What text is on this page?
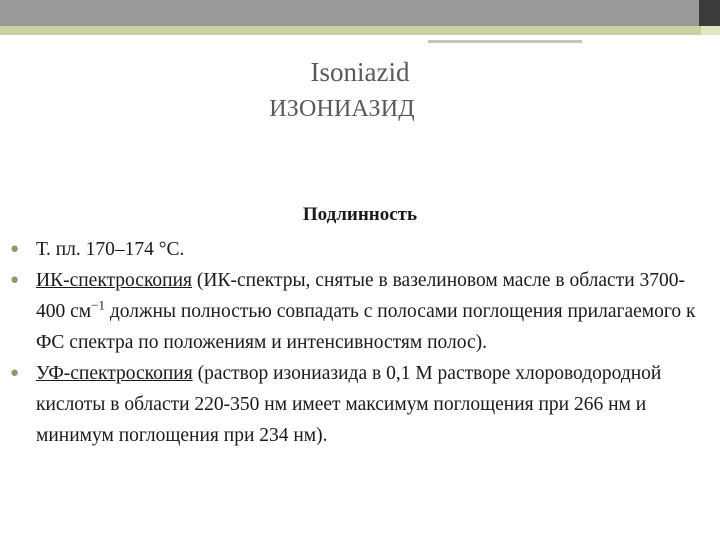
Isoniazid
ИЗОНИАЗИД
Подлинность
● Т. пл. 170–174 °С.
● ИК-спектроскопия (ИК-спектры, снятые в вазелиновом масле в области 3700-400 $см^{-1}$ должны полностью совпадать с полосами поглощения прилагаемого к ФС спектра по положениям и интенсивностям полос).
● УФ-спектроскопия (раствор изониазида в 0,1 М растворе хлороводородной кислоты в области 220-350 нм имеет максимум поглощения при 266 нм и минимум поглощения при 234 нм).
